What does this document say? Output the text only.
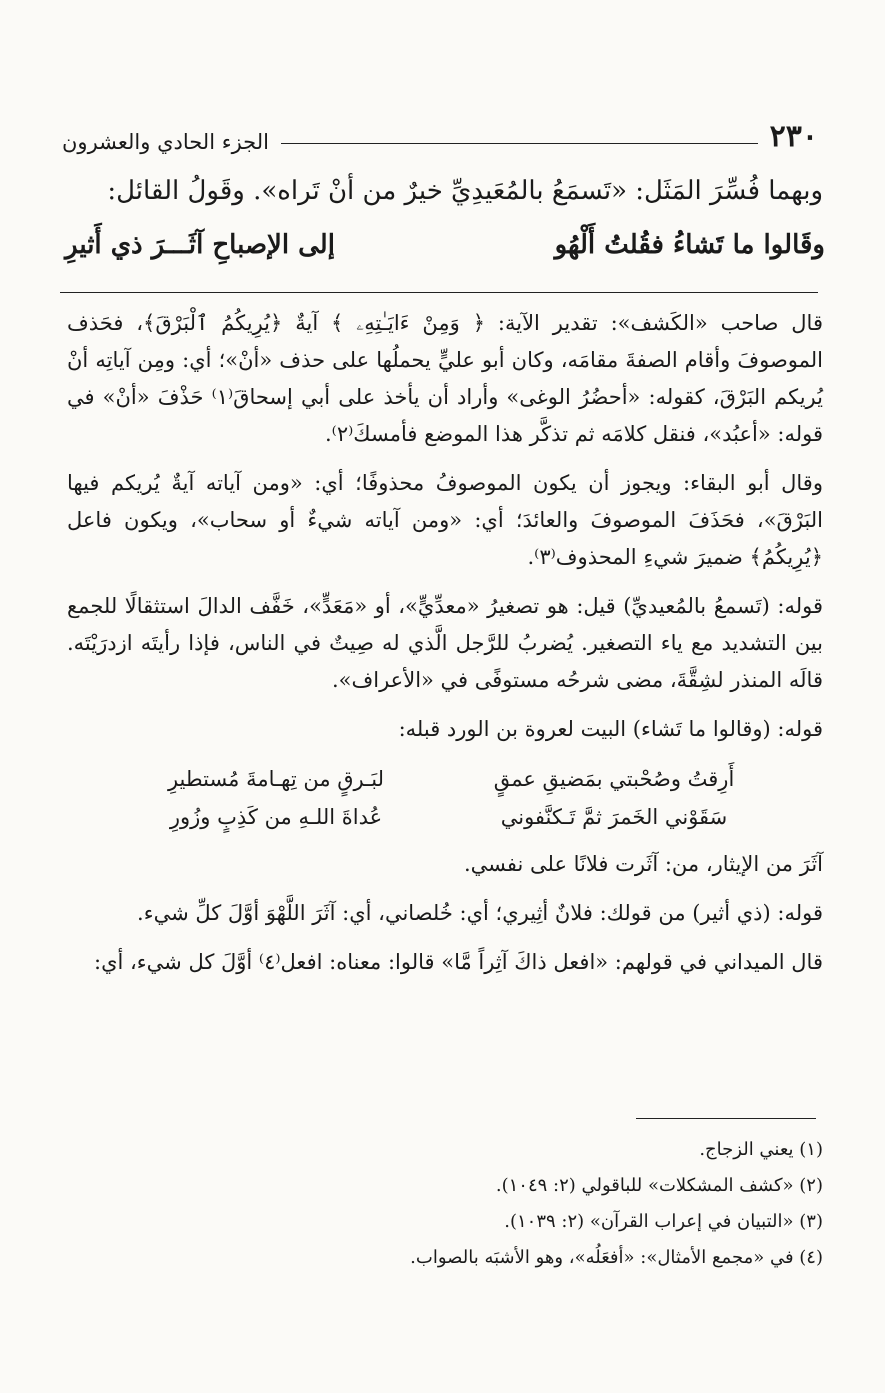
٢٣٠
الجزء الحادي والعشرون
وبهما فُسِّرَ المَثَل: «تَسمَعُ بالمُعَيدِيِّ خيرٌ من أنْ تَراه». وقَولُ القائل:
وقَالوا ما تَشاءُ فقُلتُ أَلْهُو
إلى الإصباحِ آثَـــرَ ذي أَثيرِ

قال صاحب «الكَشف»: تقدير الآية: ﴿ وَمِنْ ءَايَـٰتِهِۦ ﴾ آيةٌ ﴿يُرِيكُمُ ٱلْبَرْقَ﴾، فحَذف الموصوفَ وأقام الصفةَ مقامَه، وكان أبو عليٍّ يحملُها على حذف «أنْ»؛ أي: ومِن آياتِه أنْ يُريكم البَرْقَ، كقوله: «أحضُرُ الوغى» وأراد أن يأخذ على أبي إسحاقَ⁽١⁾ حَذْفَ «أنْ» في قوله: «أعبُد»، فنقل كلامَه ثم تذكَّر هذا الموضع فأمسكَ⁽٢⁾.

وقال أبو البقاء: ويجوز أن يكون الموصوفُ محذوفًا؛ أي: «ومن آياته آيةٌ يُريكم فيها البَرْقَ»، فحَذَفَ الموصوفَ والعائدَ؛ أي: «ومن آياته شيءٌ أو سحاب»، ويكون فاعل ﴿يُرِيكُمُ﴾ ضميرَ شيءِ المحذوف⁽٣⁾.

قوله: (تَسمعُ بالمُعيديِّ) قيل: هو تصغيرُ «معدِّيٍّ»، أو «مَعَدٍّ»، خَفَّف الدالَ استثقالًا للجمع بين التشديد مع ياء التصغير. يُضربُ للرَّجل الَّذي له صِيتٌ في الناس، فإذا رأيتَه ازدرَيْتَه. قالَه المنذر لشِقَّةَ، مضى شرحُه مستوفًى في «الأعراف».

قوله: (وقالوا ما تَشاء) البيت لعروة بن الورد قبله:

أَرِقتُ وصُحْبتي بمَضيقِ عمقٍ
لبَـرقٍ من تِهـامةَ مُستطيرِ
سَقَوْني الخَمرَ ثمَّ تَـكنَّفوني
عُداةَ اللـهِ من كَذِبٍ وزُورِ

آثَرَ من الإيثار، من: آثَرت فلانًا على نفسي.

قوله: (ذي أثير) من قولك: فلانٌ أثِيري؛ أي: خُلصاني، أي: آثَرَ اللَّهْوَ أوَّلَ كلِّ شيء.

قال الميداني في قولهم: «افعل ذاكَ آثِراً مَّا» قالوا: معناه: افعل⁽٤⁾ أوَّلَ كل شيء، أي:

(١) يعني الزجاج.
(٢) «كشف المشكلات» للباقولي (٢: ١٠٤٩).
(٣) «التبيان في إعراب القرآن» (٢: ١٠٣٩).
(٤) في «مجمع الأمثال»: «أفعَلُه»، وهو الأشبَه بالصواب.
